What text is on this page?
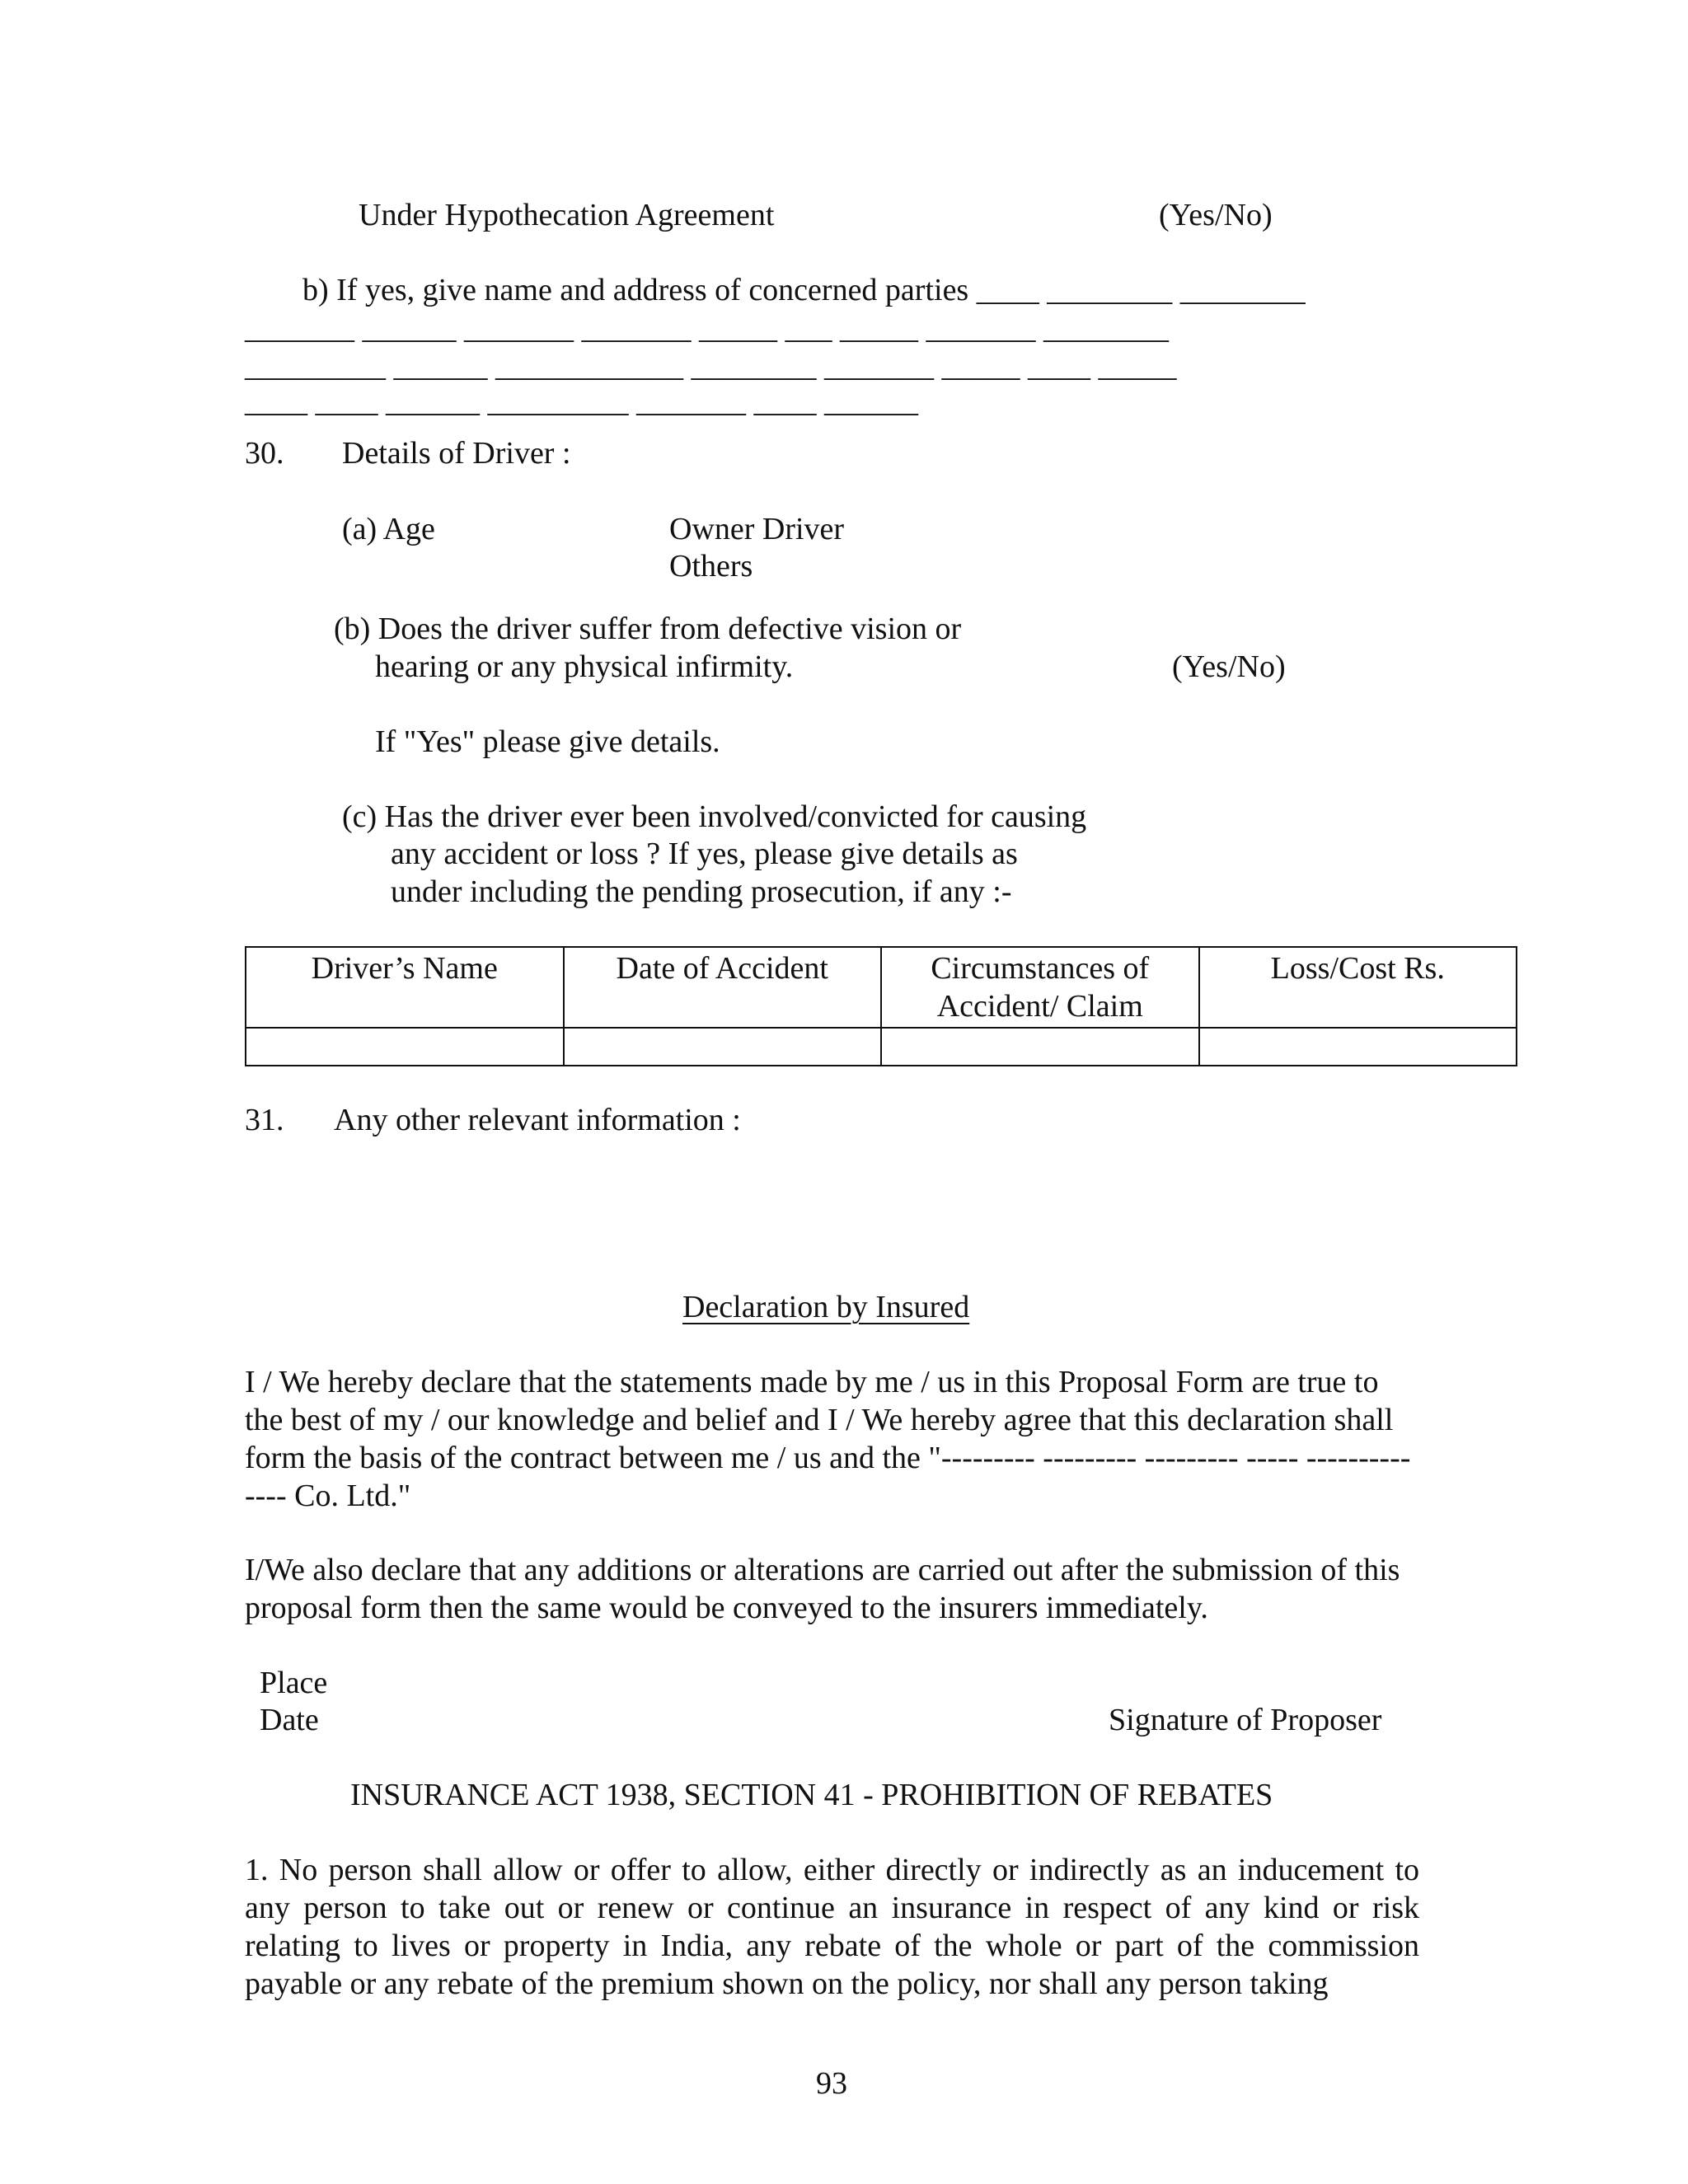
Under Hypothecation Agreement	(Yes/No)
b) If yes, give name and address of concerned parties ____ ________ ________
_______ ______ _______ _______ _____ ___ _____ _______ ________
_________ ______ ____________ ________ _______ _____ ____ _____
____ ____ ______ _________ _______ ____ ______
30. Details of Driver :
(a) Age	Owner Driver
Others
(b) Does the driver suffer from defective vision or
hearing or any physical infirmity.	(Yes/No)
If "Yes" please give details.
(c) Has the driver ever been involved/convicted for causing
any accident or loss ? If yes, please give details as
under including the pending prosecution, if any :-
Driver’s Name	Date of Accident	Circumstances of Accident/ Claim	Loss/Cost Rs.

31. Any other relevant information :
Declaration by Insured
I / We hereby declare that the statements made by me / us in this Proposal Form are true to the best of my / our knowledge and belief and I / We hereby agree that this declaration shall form the basis of the contract between me / us and the "--------- --------- --------- ----- -------------- Co. Ltd."
I/We also declare that any additions or alterations are carried out after the submission of this proposal form then the same would be conveyed to the insurers immediately.
Place
Date	Signature of Proposer
INSURANCE ACT 1938, SECTION 41 - PROHIBITION OF REBATES
1. No person shall allow or offer to allow, either directly or indirectly as an inducement to any person to take out or renew or continue an insurance in respect of any kind or risk relating to lives or property in India, any rebate of the whole or part of the commission payable or any rebate of the premium shown on the policy, nor shall any person taking
93
